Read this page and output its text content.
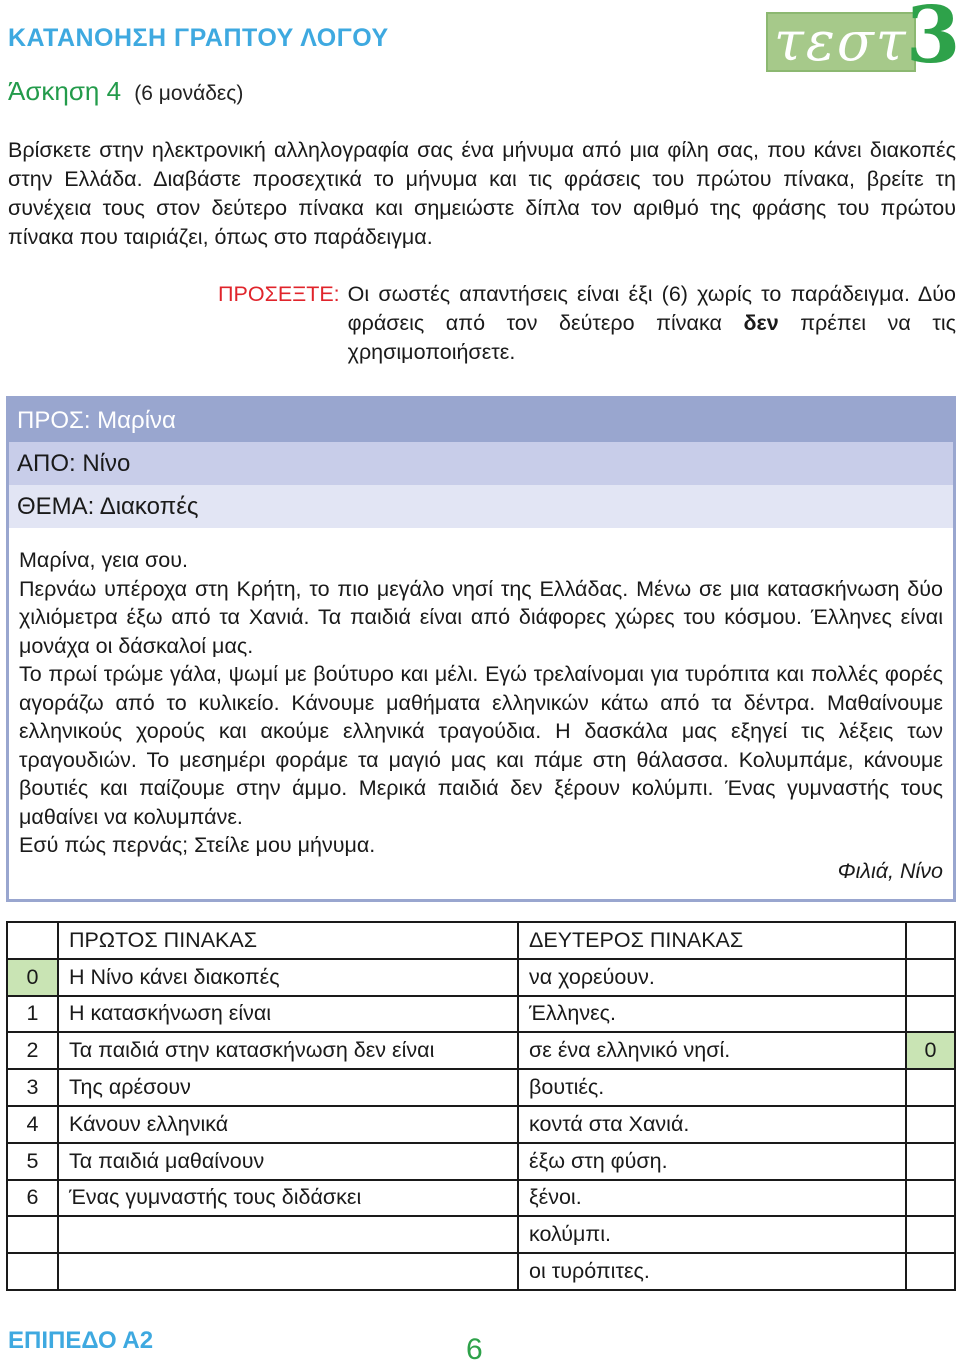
ΚΑΤΑΝΟΗΣΗ ΓΡΑΠΤΟΥ ΛΟΓΟΥ	τεστ
3
Άσκηση 4 (6 μονάδες)
Βρίσκετε στην ηλεκτρονική αλληλογραφία σας ένα μήνυμα από μια φίλη σας, που κάνει διακοπές στην Ελλάδα. Διαβάστε προσεχτικά το μήνυμα και τις φράσεις του πρώτου πίνακα, βρείτε τη συνέχεια τους στον δεύτερο πίνακα και σημειώστε δίπλα τον αριθμό της φράσης του πρώτου πίνακα που ταιριάζει, όπως στο παράδειγμα.
ΠΡΟΣΕΞΤΕ: Οι σωστές απαντήσεις είναι έξι (6) χωρίς το παράδειγμα. Δύο φράσεις από τον δεύτερο πίνακα δεν πρέπει να τις χρησιμοποιήσετε.
ΠΡΟΣ: Μαρίνα
ΑΠΟ: Νίνο
ΘΕΜΑ: Διακοπές

Μαρίνα, γεια σου.

Περνάω υπέροχα στη Κρήτη, το πιο μεγάλο νησί της Ελλάδας. Μένω σε μια κατασκήνωση δύο χιλιόμετρα έξω από τα Χανιά. Τα παιδιά είναι από διάφορες χώρες του κόσμου. Έλληνες είναι μονάχα οι δάσκαλοί μας.

Το πρωί τρώμε γάλα, ψωμί με βούτυρο και μέλι. Εγώ τρελαίνομαι για τυρόπιτα και πολλές φορές αγοράζω από το κυλικείο. Κάνουμε μαθήματα ελληνικών κάτω από τα δέντρα. Μαθαίνουμε ελληνικούς χορούς και ακούμε ελληνικά τραγούδια. Η δασκάλα μας εξηγεί τις λέξεις των τραγουδιών. Το μεσημέρι φοράμε τα μαγιό μας και πάμε στη θάλασσα. Κολυμπάμε, κάνουμε βουτιές και παίζουμε στην άμμο. Μερικά παιδιά δεν ξέρουν κολύμπι. Ένας γυμναστής τους μαθαίνει να κολυμπάνε.

Εσύ πώς περνάς; Στείλε μου μήνυμα.

Φιλιά, Νίνο
	ΠΡΩΤΟΣ ΠΙΝΑΚΑΣ	ΔΕΥΤΕΡΟΣ ΠΙΝΑΚΑΣ	
0	Η Νίνο κάνει διακοπές	να χορεύουν.	
1	Η κατασκήνωση είναι	Έλληνες.	
2	Τα παιδιά στην κατασκήνωση δεν είναι	σε ένα ελληνικό νησί.	0
3	Της αρέσουν	βουτιές.	
4	Κάνουν ελληνικά	κοντά στα Χανιά.	
5	Τα παιδιά μαθαίνουν	έξω στη φύση.	
6	Ένας γυμναστής τους διδάσκει	ξένοι.	
		κολύμπι.	
		οι τυρόπιτες.	
ΕΠΙΠΕΔΟ Α2	6
